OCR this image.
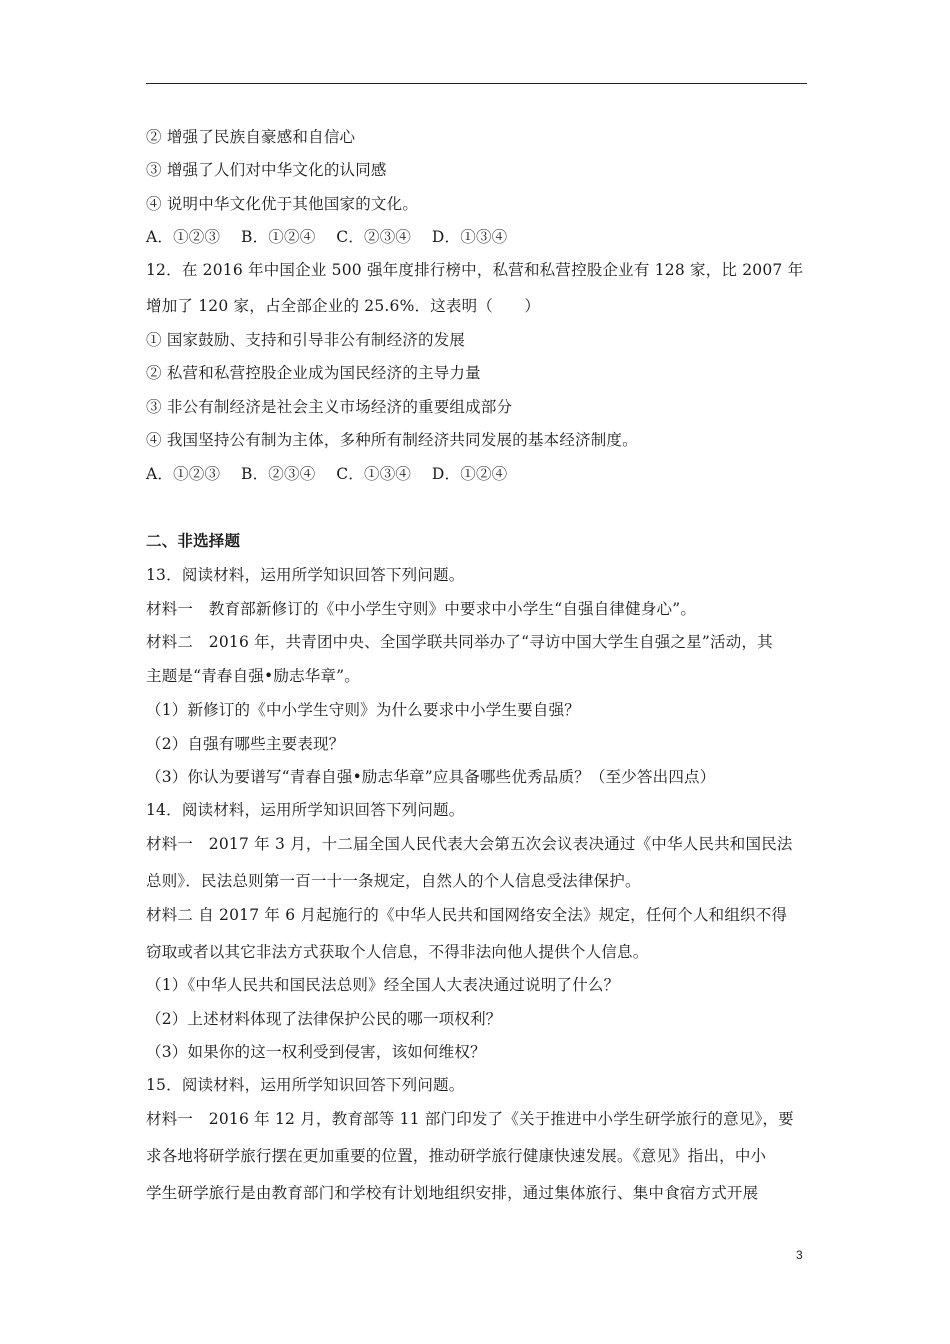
② 增强了民族自豪感和自信心
③ 增强了人们对中华文化的认同感
④ 说明中华文化优于其他国家的文化。
A．①②③　 B．①②④　 C．②③④　 D．①③④
12．在 2016 年中国企业 500 强年度排行榜中，私营和私营控股企业有 128 家，比 2007 年
增加了 120 家，占全部企业的 25.6%．这表明（　　）
① 国家鼓励、支持和引导非公有制经济的发展
② 私营和私营控股企业成为国民经济的主导力量
③ 非公有制经济是社会主义市场经济的重要组成部分
④ 我国坚持公有制为主体，多种所有制经济共同发展的基本经济制度。
A．①②③　 B．②③④　 C．①③④　 D．①②④
二、非选择题
13．阅读材料，运用所学知识回答下列问题。
材料一　教育部新修订的《中小学生守则》中要求中小学生“自强自律健身心”。
材料二　2016 年，共青团中央、全国学联共同举办了“寻访中国大学生自强之星”活动，其
主题是“青春自强•励志华章”。
（1）新修订的《中小学生守则》为什么要求中小学生要自强？
（2）自强有哪些主要表现？
（3）你认为要谱写“青春自强•励志华章”应具备哪些优秀品质？（至少答出四点）
14．阅读材料，运用所学知识回答下列问题。
材料一　2017 年 3 月，十二届全国人民代表大会第五次会议表决通过《中华人民共和国民法
总则》．民法总则第一百一十一条规定，自然人的个人信息受法律保护。
材料二 自 2017 年 6 月起施行的《中华人民共和国网络安全法》规定，任何个人和组织不得
窃取或者以其它非法方式获取个人信息，不得非法向他人提供个人信息。
（1）《中华人民共和国民法总则》经全国人大表决通过说明了什么？
（2）上述材料体现了法律保护公民的哪一项权利？
（3）如果你的这一权利受到侵害，该如何维权？
15．阅读材料，运用所学知识回答下列问题。
材料一　2016 年 12 月，教育部等 11 部门印发了《关于推进中小学生研学旅行的意见》，要
求各地将研学旅行摆在更加重要的位置，推动研学旅行健康快速发展。《意见》指出，中小
学生研学旅行是由教育部门和学校有计划地组织安排，通过集体旅行、集中食宿方式开展
3
